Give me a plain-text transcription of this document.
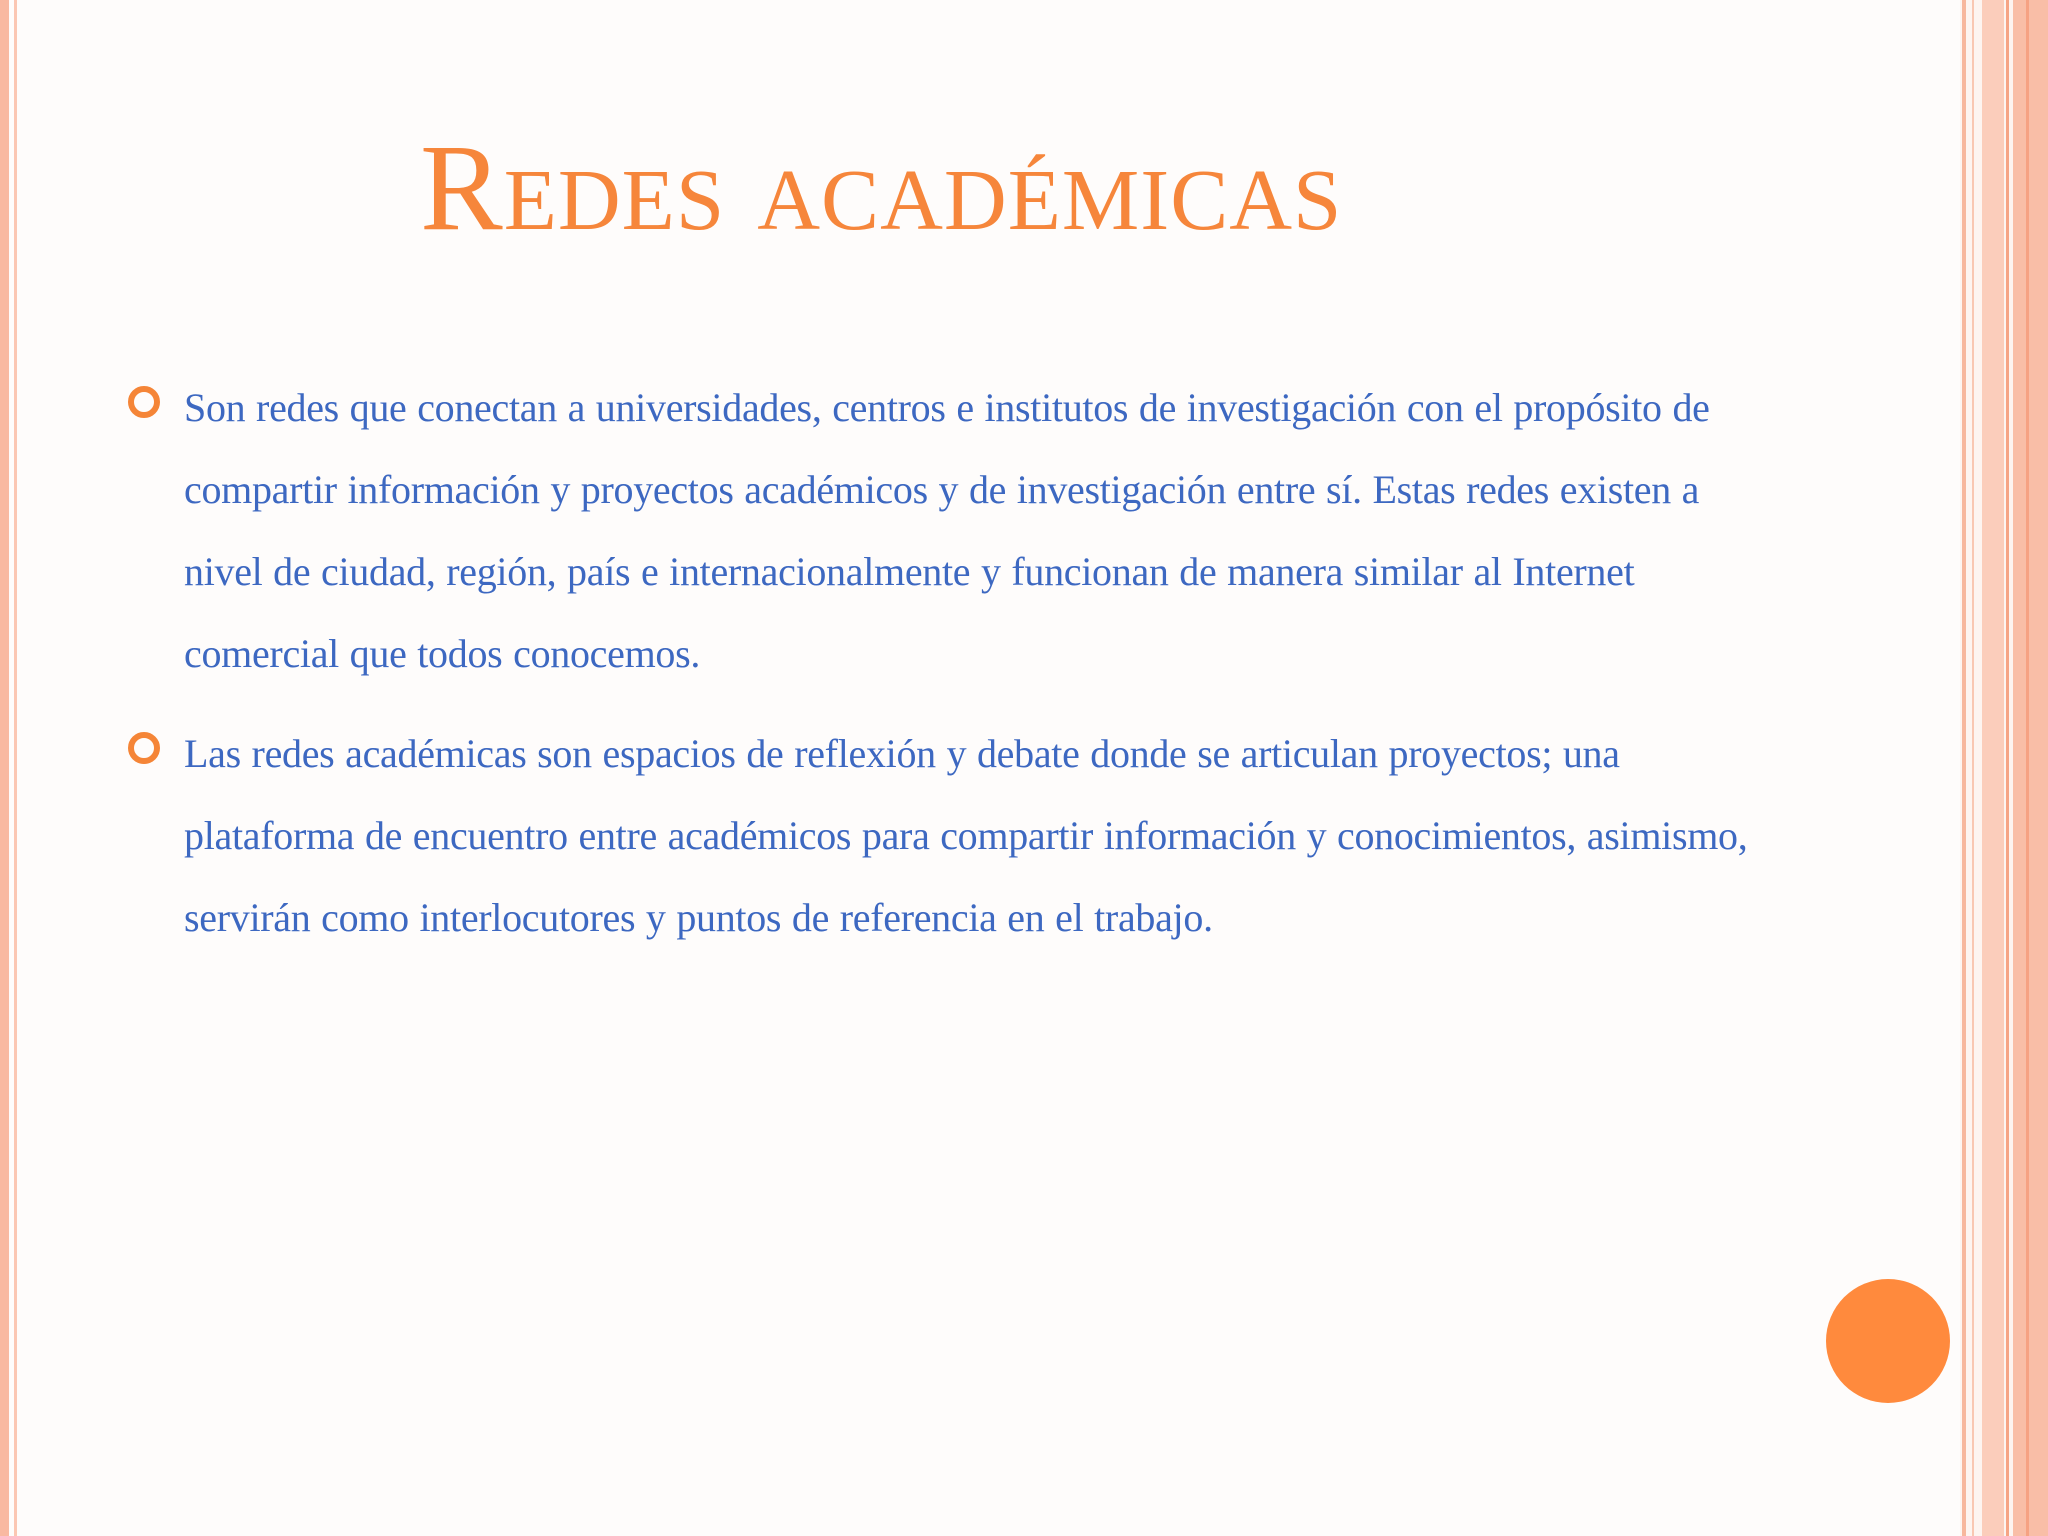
Redes académicas
Son redes que conectan a universidades, centros e institutos de investigación con el propósito de compartir información y proyectos académicos y de investigación entre sí. Estas redes existen a nivel de ciudad, región, país e internacionalmente y funcionan de manera similar al Internet comercial que todos conocemos.
Las redes académicas son espacios de reflexión y debate donde se articulan proyectos; una plataforma de encuentro entre académicos para compartir información y conocimientos, asimismo, servirán como interlocutores y puntos de referencia en el trabajo.
